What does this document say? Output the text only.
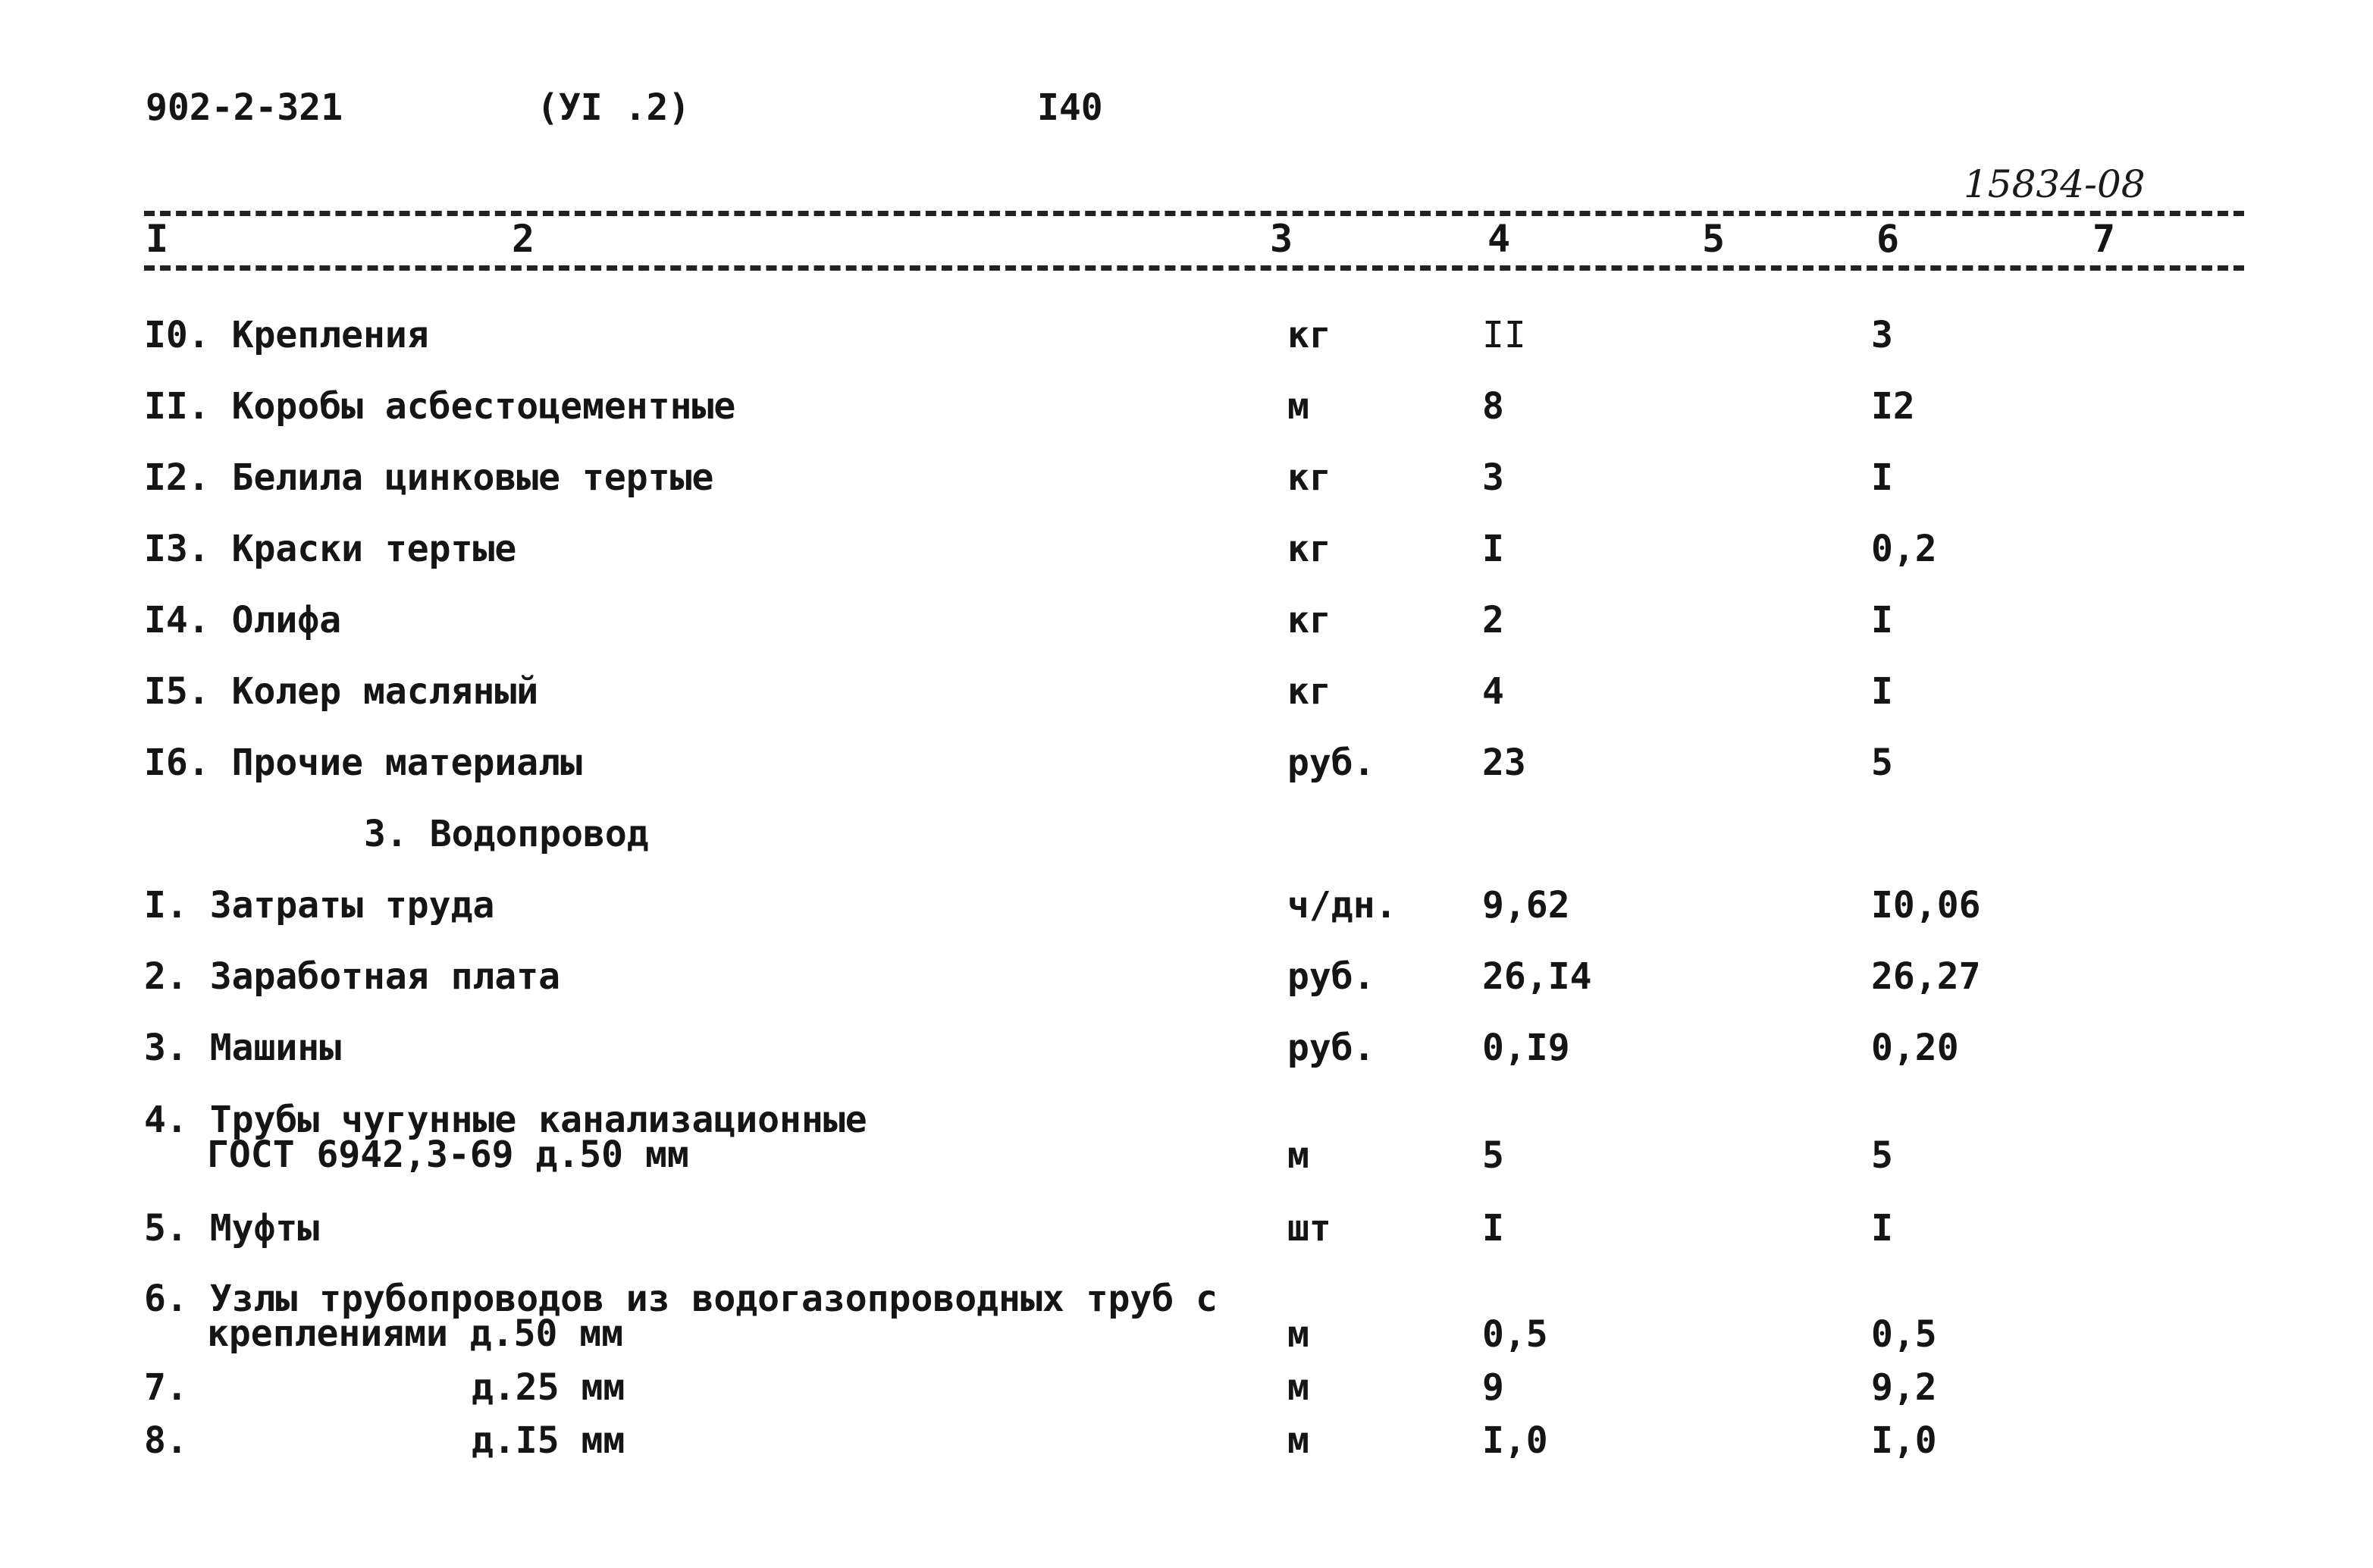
902-2-321	(УI .2)	I40
15834-08
I	2	3	4	5	6	7
I0. Крепления	кг	II	3
II. Коробы асбестоцементные	м	8	I2
I2. Белила цинковые тертые	кг	3	I
I3. Краски тертые	кг	I	0,2
I4. Олифа	кг	2	I
I5. Колер масляный	кг	4	I
I6. Прочие материалы	руб.	23	5
3. Водопровод
I. Затраты труда	ч/дн. 9,62	I0,06
2. Заработная плата	руб.	26,I4	26,27
3. Машины	руб.	0,I9	0,20
4. Трубы чугунные канализационные
ГОСТ 6942,3-69 д.50 мм	м	5	5
5. Муфты	шт	I	I
6. Узлы трубопроводов из водогазопроводных труб с
креплениями д.50 мм	м	0,5	0,5
7.	д.25 мм	м	9	9,2
8.	д.I5 мм	м	I,0	I,0
